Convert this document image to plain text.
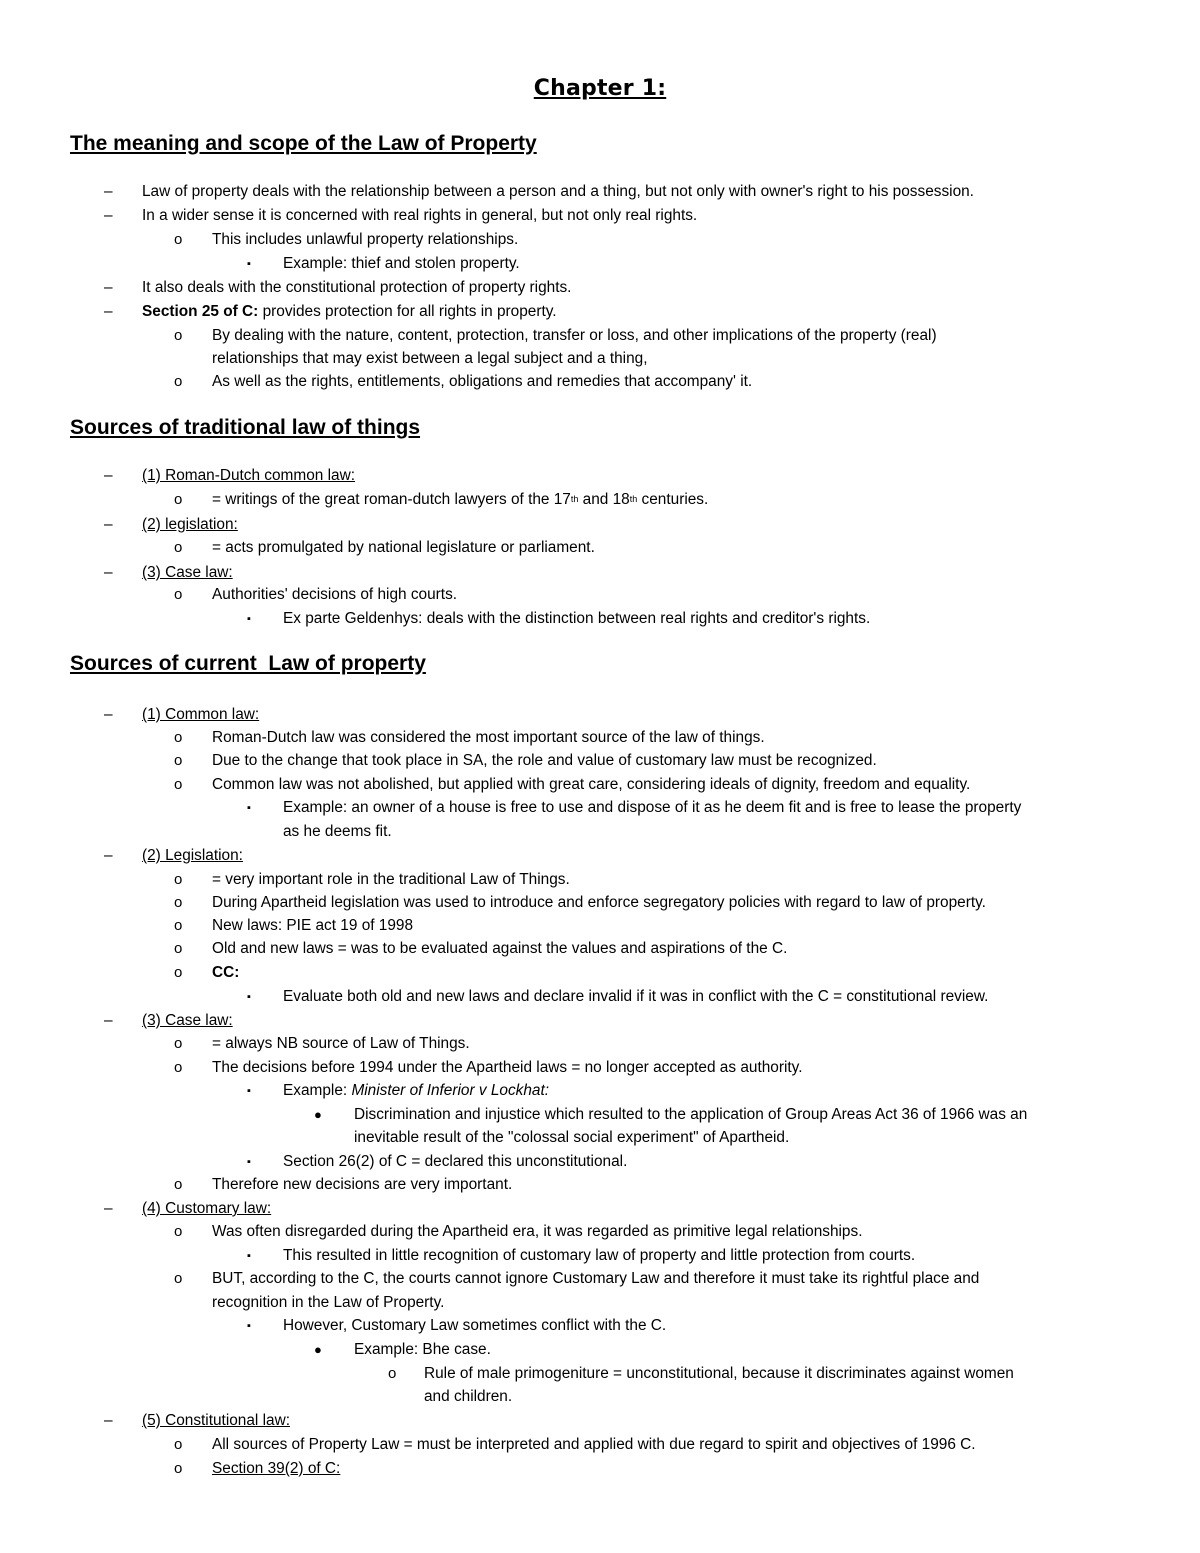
Chapter 1:
The meaning and scope of the Law of Property
– Law of property deals with the relationship between a person and a thing, but not only with owner's right to his possession.
– In a wider sense it is concerned with real rights in general, but not only real rights.
o This includes unlawful property relationships.
▪ Example: thief and stolen property.
– It also deals with the constitutional protection of property rights.
– Section 25 of C: provides protection for all rights in property.
o By dealing with the nature, content, protection, transfer or loss, and other implications of the property (real)
relationships that may exist between a legal subject and a thing,
o As well as the rights, entitlements, obligations and remedies that accompany' it.
Sources of traditional law of things
– (1) Roman-Dutch common law:
o = writings of the great roman-dutch lawyers of the 17th and 18th centuries.
– (2) legislation:
o = acts promulgated by national legislature or parliament.
– (3) Case law:
o Authorities' decisions of high courts.
▪ Ex parte Geldenhys: deals with the distinction between real rights and creditor's rights.
Sources of current  Law of property
– (1) Common law:
o Roman-Dutch law was considered the most important source of the law of things.
o Due to the change that took place in SA, the role and value of customary law must be recognized.
o Common law was not abolished, but applied with great care, considering ideals of dignity, freedom and equality.
▪ Example: an owner of a house is free to use and dispose of it as he deem fit and is free to lease the property
as he deems fit.
– (2) Legislation:
o = very important role in the traditional Law of Things.
o During Apartheid legislation was used to introduce and enforce segregatory policies with regard to law of property.
o New laws: PIE act 19 of 1998
o Old and new laws = was to be evaluated against the values and aspirations of the C.
o CC:
▪ Evaluate both old and new laws and declare invalid if it was in conflict with the C = constitutional review.
– (3) Case law:
o = always NB source of Law of Things.
o The decisions before 1994 under the Apartheid laws = no longer accepted as authority.
▪ Example: Minister of Inferior v Lockhat:
● Discrimination and injustice which resulted to the application of Group Areas Act 36 of 1966 was an
inevitable result of the "colossal social experiment" of Apartheid.
▪ Section 26(2) of C = declared this unconstitutional.
o Therefore new decisions are very important.
– (4) Customary law:
o Was often disregarded during the Apartheid era, it was regarded as primitive legal relationships.
▪ This resulted in little recognition of customary law of property and little protection from courts.
o BUT, according to the C, the courts cannot ignore Customary Law and therefore it must take its rightful place and
recognition in the Law of Property.
▪ However, Customary Law sometimes conflict with the C.
● Example: Bhe case.
o Rule of male primogeniture = unconstitutional, because it discriminates against women
and children.
– (5) Constitutional law:
o All sources of Property Law = must be interpreted and applied with due regard to spirit and objectives of 1996 C.
o Section 39(2) of C:
